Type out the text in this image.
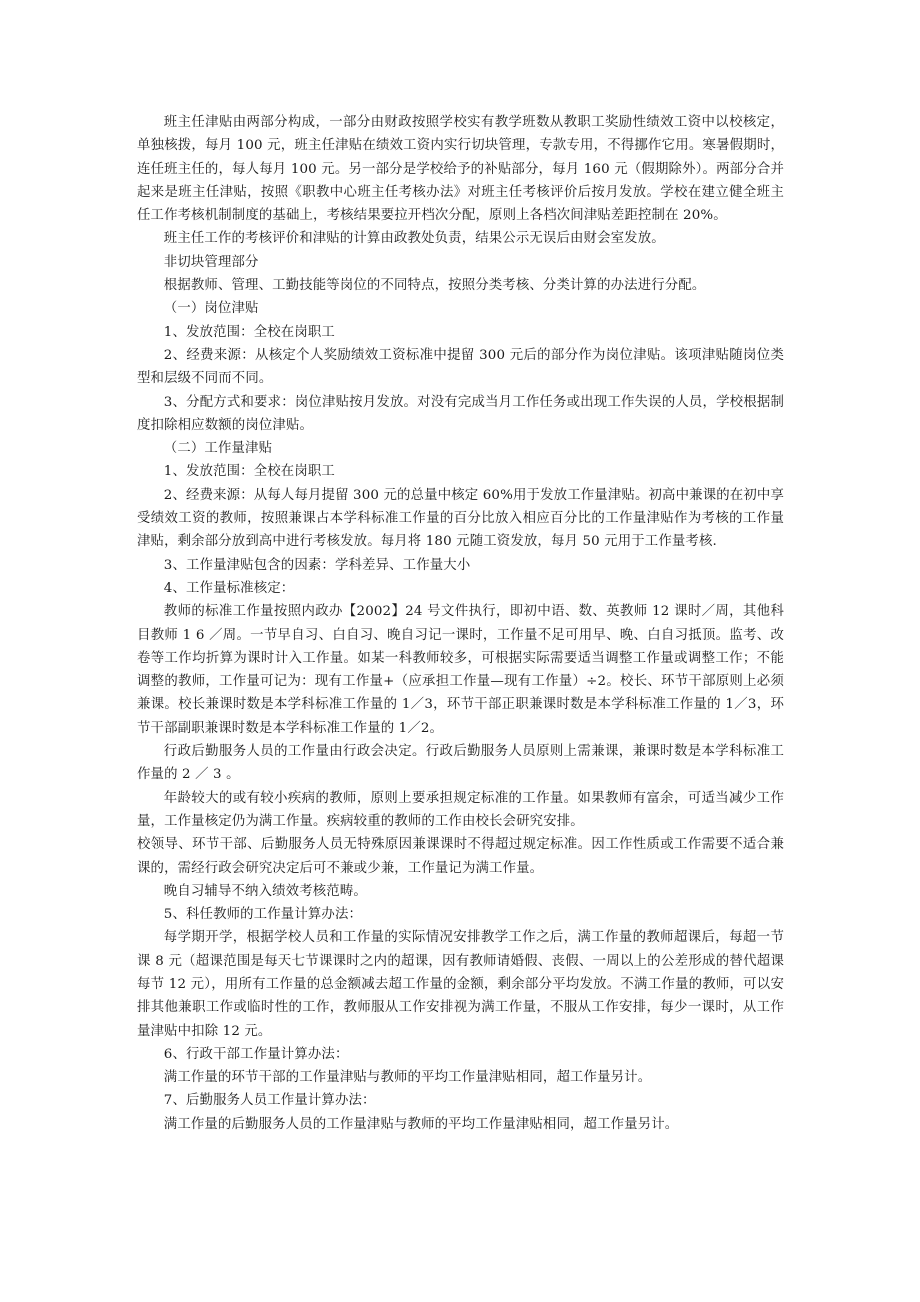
班主任津贴由两部分构成，一部分由财政按照学校实有教学班数从教职工奖励性绩效工资中以校核定，单独核拨，每月 100 元，班主任津贴在绩效工资内实行切块管理，专款专用，不得挪作它用。寒暑假期时，连任班主任的，每人每月 100 元。另一部分是学校给予的补贴部分，每月 160 元（假期除外）。两部分合并起来是班主任津贴，按照《职教中心班主任考核办法》对班主任考核评价后按月发放。学校在建立健全班主任工作考核机制制度的基础上，考核结果要拉开档次分配，原则上各档次间津贴差距控制在 20%。

班主任工作的考核评价和津贴的计算由政教处负责，结果公示无误后由财会室发放。

非切块管理部分

根据教师、管理、工勤技能等岗位的不同特点，按照分类考核、分类计算的办法进行分配。

（一）岗位津贴

1、发放范围：全校在岗职工

2、经费来源：从核定个人奖励绩效工资标准中提留 300 元后的部分作为岗位津贴。该项津贴随岗位类型和层级不同而不同。

3、分配方式和要求：岗位津贴按月发放。对没有完成当月工作任务或出现工作失误的人员，学校根据制度扣除相应数额的岗位津贴。

（二）工作量津贴

1、发放范围：全校在岗职工

2、经费来源：从每人每月提留 300 元的总量中核定 60%用于发放工作量津贴。初高中兼课的在初中享受绩效工资的教师，按照兼课占本学科标准工作量的百分比放入相应百分比的工作量津贴作为考核的工作量津贴，剩余部分放到高中进行考核发放。每月将 180 元随工资发放，每月 50 元用于工作量考核.

3、工作量津贴包含的因素：学科差异、工作量大小

4、工作量标准核定：

教师的标准工作量按照内政办【2002】24 号文件执行，即初中语、数、英教师 12 课时／周，其他科目教师 1 6 ／周。一节早自习、白自习、晚自习记一课时，工作量不足可用早、晚、白自习抵顶。监考、改卷等工作均折算为课时计入工作量。如某一科教师较多，可根据实际需要适当调整工作量或调整工作；不能调整的教师，工作量可记为：现有工作量+（应承担工作量—现有工作量）÷2。校长、环节干部原则上必须兼课。校长兼课时数是本学科标准工作量的 1／3，环节干部正职兼课时数是本学科标准工作量的 1／3，环节干部副职兼课时数是本学科标准工作量的 1／2。

行政后勤服务人员的工作量由行政会决定。行政后勤服务人员原则上需兼课，兼课时数是本学科标准工作量的 2 ／ 3 。

年龄较大的或有较小疾病的教师，原则上要承担规定标准的工作量。如果教师有富余，可适当减少工作量，工作量核定仍为满工作量。疾病较重的教师的工作由校长会研究安排。

校领导、环节干部、后勤服务人员无特殊原因兼课课时不得超过规定标准。因工作性质或工作需要不适合兼课的，需经行政会研究决定后可不兼或少兼，工作量记为满工作量。

晚自习辅导不纳入绩效考核范畴。

5、科任教师的工作量计算办法：

每学期开学，根据学校人员和工作量的实际情况安排教学工作之后，满工作量的教师超课后，每超一节课 8 元（超课范围是每天七节课课时之内的超课，因有教师请婚假、丧假、一周以上的公差形成的替代超课每节 12 元），用所有工作量的总金额减去超工作量的金额，剩余部分平均发放。不满工作量的教师，可以安排其他兼职工作或临时性的工作，教师服从工作安排视为满工作量，不服从工作安排，每少一课时，从工作量津贴中扣除 12 元。

6、行政干部工作量计算办法：

满工作量的环节干部的工作量津贴与教师的平均工作量津贴相同，超工作量另计。

7、后勤服务人员工作量计算办法：

满工作量的后勤服务人员的工作量津贴与教师的平均工作量津贴相同，超工作量另计。
